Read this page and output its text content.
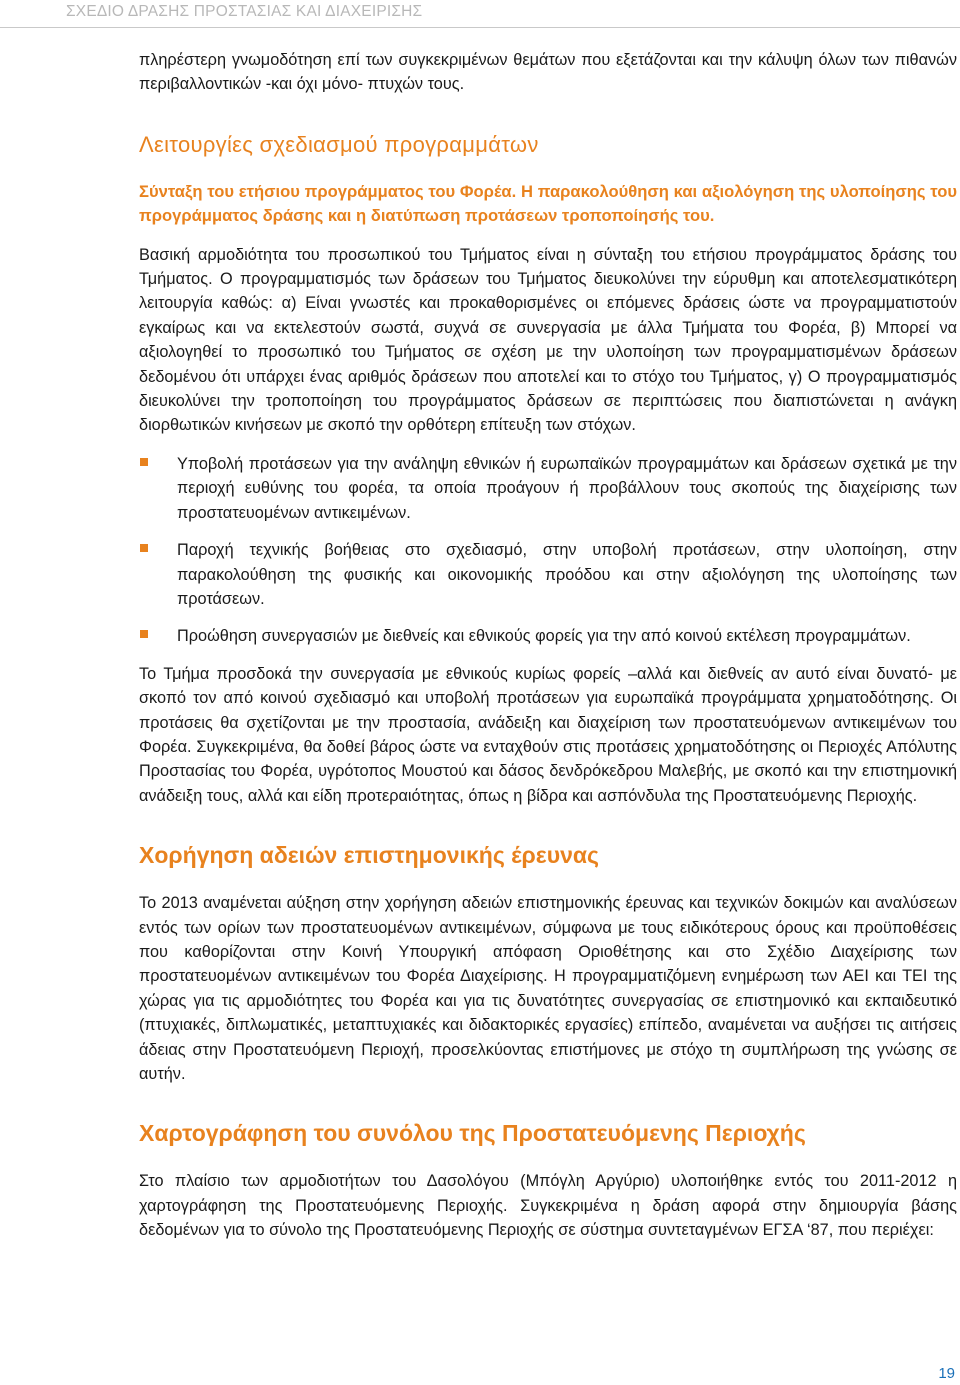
ΣΧΕΔΙΟ ΔΡΑΣΗΣ ΠΡΟΣΤΑΣΙΑΣ ΚΑΙ ΔΙΑΧΕΙΡΙΣΗΣ

πληρέστερη γνωμοδότηση επί των συγκεκριμένων θεμάτων που εξετάζονται και την κάλυψη όλων των πιθανών περιβαλλοντικών -και όχι μόνο- πτυχών τους.

Λειτουργίες σχεδιασμού προγραμμάτων
Σύνταξη του ετήσιου προγράμματος του Φορέα. Η παρακολούθηση και αξιολόγηση της υλοποίησης του προγράμματος δράσης και η διατύπωση προτάσεων τροποποίησής του.

Βασική αρμοδιότητα του προσωπικού του Τμήματος είναι η σύνταξη του ετήσιου προγράμματος δράσης του Τμήματος. Ο προγραμματισμός των δράσεων του Τμήματος διευκολύνει την εύρυθμη και αποτελεσματικότερη λειτουργία καθώς: α) Είναι γνωστές και προκαθορισμένες οι επόμενες δράσεις ώστε να προγραμματιστούν εγκαίρως και να εκτελεστούν σωστά, συχνά σε συνεργασία με άλλα Τμήματα του Φορέα, β) Μπορεί να αξιολογηθεί το προσωπικό του Τμήματος σε σχέση με την υλοποίηση των προγραμματισμένων δράσεων δεδομένου ότι υπάρχει ένας αριθμός δράσεων που αποτελεί και το στόχο του Τμήματος, γ) Ο προγραμματισμός διευκολύνει την τροποποίηση του προγράμματος δράσεων σε περιπτώσεις που διαπιστώνεται η ανάγκη διορθωτικών κινήσεων με σκοπό την ορθότερη επίτευξη των στόχων.

Υποβολή προτάσεων για την ανάληψη εθνικών ή ευρωπαϊκών προγραμμάτων και δράσεων σχετικά με την περιοχή ευθύνης του φορέα, τα οποία προάγουν ή προβάλλουν τους σκοπούς της διαχείρισης των προστατευομένων αντικειμένων.

Παροχή τεχνικής βοήθειας στο σχεδιασμό, στην υποβολή προτάσεων, στην υλοποίηση, στην παρακολούθηση της φυσικής και οικονομικής προόδου και στην αξιολόγηση της υλοποίησης των προτάσεων.

Προώθηση συνεργασιών με διεθνείς και εθνικούς φορείς για την από κοινού εκτέλεση προγραμμάτων.

Το Τμήμα προσδοκά την συνεργασία με εθνικούς κυρίως φορείς –αλλά και διεθνείς αν αυτό είναι δυνατό- με σκοπό τον από κοινού σχεδιασμό και υποβολή προτάσεων για ευρωπαϊκά προγράμματα χρηματοδότησης. Οι προτάσεις θα σχετίζονται με την προστασία, ανάδειξη και διαχείριση των προστατευόμενων αντικειμένων του Φορέα. Συγκεκριμένα, θα δοθεί βάρος ώστε να ενταχθούν στις προτάσεις χρηματοδότησης οι Περιοχές Απόλυτης Προστασίας του Φορέα, υγρότοπος Μουστού και δάσος δενδρόκεδρου Μαλεβής, με σκοπό και την επιστημονική ανάδειξη τους, αλλά και είδη προτεραιότητας, όπως η βίδρα και ασπόνδυλα της Προστατευόμενης Περιοχής.

Χορήγηση αδειών επιστημονικής έρευνας

Το 2013 αναμένεται αύξηση στην χορήγηση αδειών επιστημονικής έρευνας και τεχνικών δοκιμών και αναλύσεων εντός των ορίων των προστατευομένων αντικειμένων, σύμφωνα με τους ειδικότερους όρους και προϋποθέσεις που καθορίζονται στην Κοινή Υπουργική απόφαση Οριοθέτησης και στο Σχέδιο Διαχείρισης των προστατευομένων αντικειμένων του Φορέα Διαχείρισης. Η προγραμματιζόμενη ενημέρωση των ΑΕΙ και ΤΕΙ της χώρας για τις αρμοδιότητες του Φορέα και για τις δυνατότητες συνεργασίας σε επιστημονικό και εκπαιδευτικό (πτυχιακές, διπλωματικές, μεταπτυχιακές και διδακτορικές εργασίες) επίπεδο, αναμένεται να αυξήσει τις αιτήσεις άδειας στην Προστατευόμενη Περιοχή, προσελκύοντας επιστήμονες με στόχο τη συμπλήρωση της γνώσης σε αυτήν.

Χαρτογράφηση του συνόλου της Προστατευόμενης Περιοχής

Στο πλαίσιο των αρμοδιοτήτων του Δασολόγου (Μπόγλη Αργύριο) υλοποιήθηκε εντός του 2011-2012 η χαρτογράφηση της Προστατευόμενης Περιοχής. Συγκεκριμένα η δράση αφορά στην δημιουργία βάσης δεδομένων για το σύνολο της Προστατευόμενης Περιοχής σε σύστημα συντεταγμένων ΕΓΣΑ ‘87, που περιέχει:

19
